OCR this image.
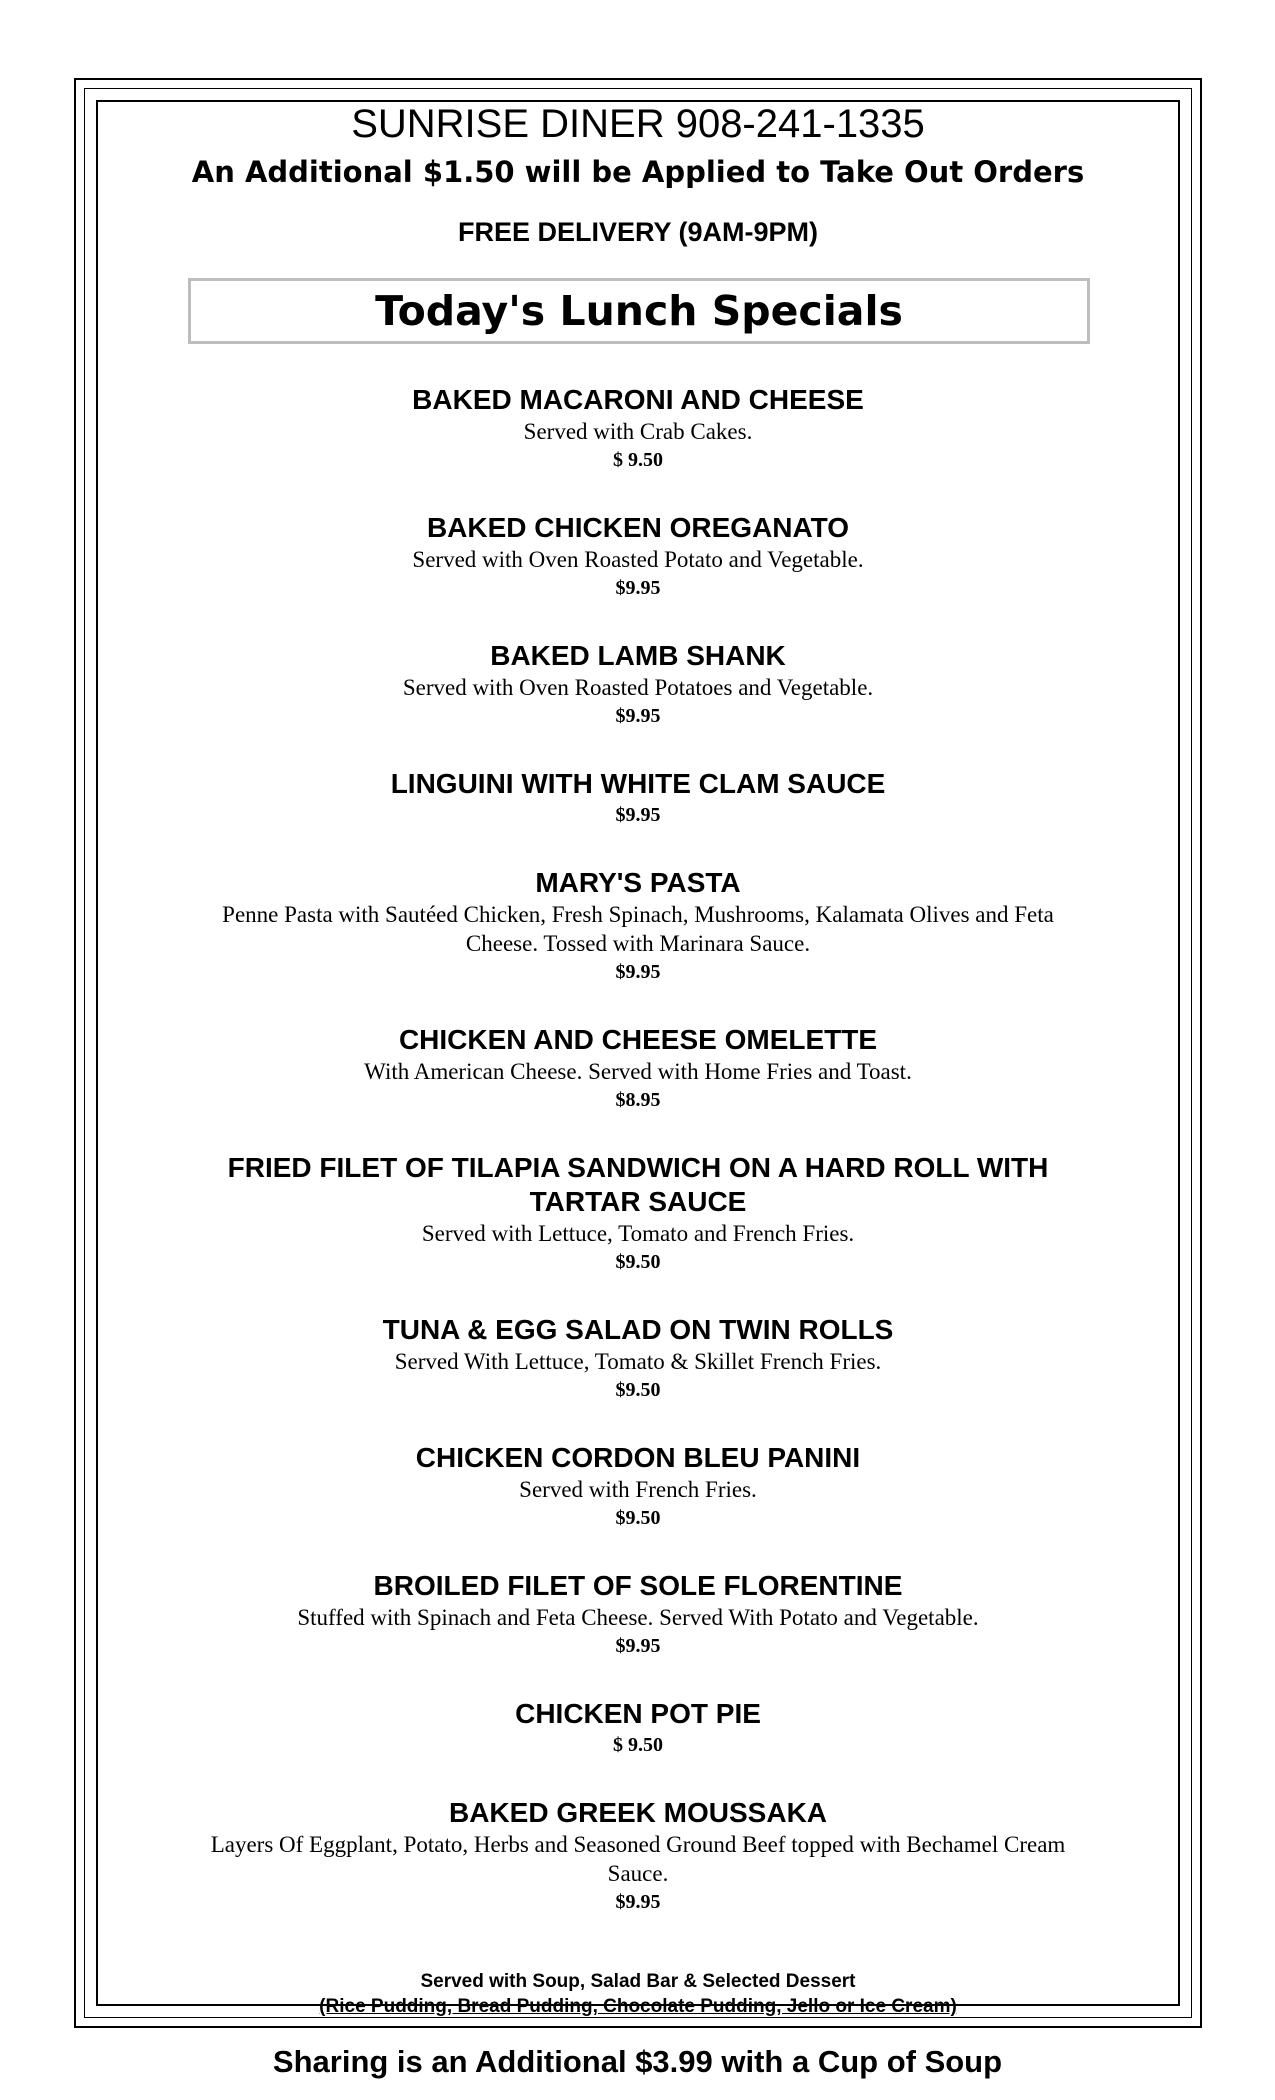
SUNRISE DINER 908-241-1335
An Additional $1.50 will be Applied to Take Out Orders
FREE DELIVERY (9AM-9PM)
Today's Lunch Specials
BAKED MACARONI AND CHEESE
Served with Crab Cakes.
$ 9.50
BAKED CHICKEN OREGANATO
Served with Oven Roasted Potato and Vegetable.
$9.95
BAKED LAMB SHANK
Served with Oven Roasted Potatoes and Vegetable.
$9.95
LINGUINI WITH WHITE CLAM SAUCE
$9.95
MARY'S PASTA
Penne Pasta with Sautéed Chicken, Fresh Spinach, Mushrooms, Kalamata Olives and Feta Cheese. Tossed with Marinara Sauce.
$9.95
CHICKEN AND CHEESE OMELETTE
With American Cheese. Served with Home Fries and Toast.
$8.95
FRIED FILET OF TILAPIA SANDWICH ON A HARD ROLL WITH TARTAR SAUCE
Served with Lettuce, Tomato and French Fries.
$9.50
TUNA & EGG SALAD ON TWIN ROLLS
Served With Lettuce, Tomato & Skillet French Fries.
$9.50
CHICKEN CORDON BLEU PANINI
Served with French Fries.
$9.50
BROILED FILET OF SOLE FLORENTINE
Stuffed with Spinach and Feta Cheese. Served With Potato and Vegetable.
$9.95
CHICKEN POT PIE
$ 9.50
BAKED GREEK MOUSSAKA
Layers Of Eggplant, Potato, Herbs and Seasoned Ground Beef topped with Bechamel Cream Sauce.
$9.95
Served with Soup, Salad Bar & Selected Dessert
(Rice Pudding, Bread Pudding, Chocolate Pudding, Jello or Ice Cream)
Sharing is an Additional $3.99 with a Cup of Soup
